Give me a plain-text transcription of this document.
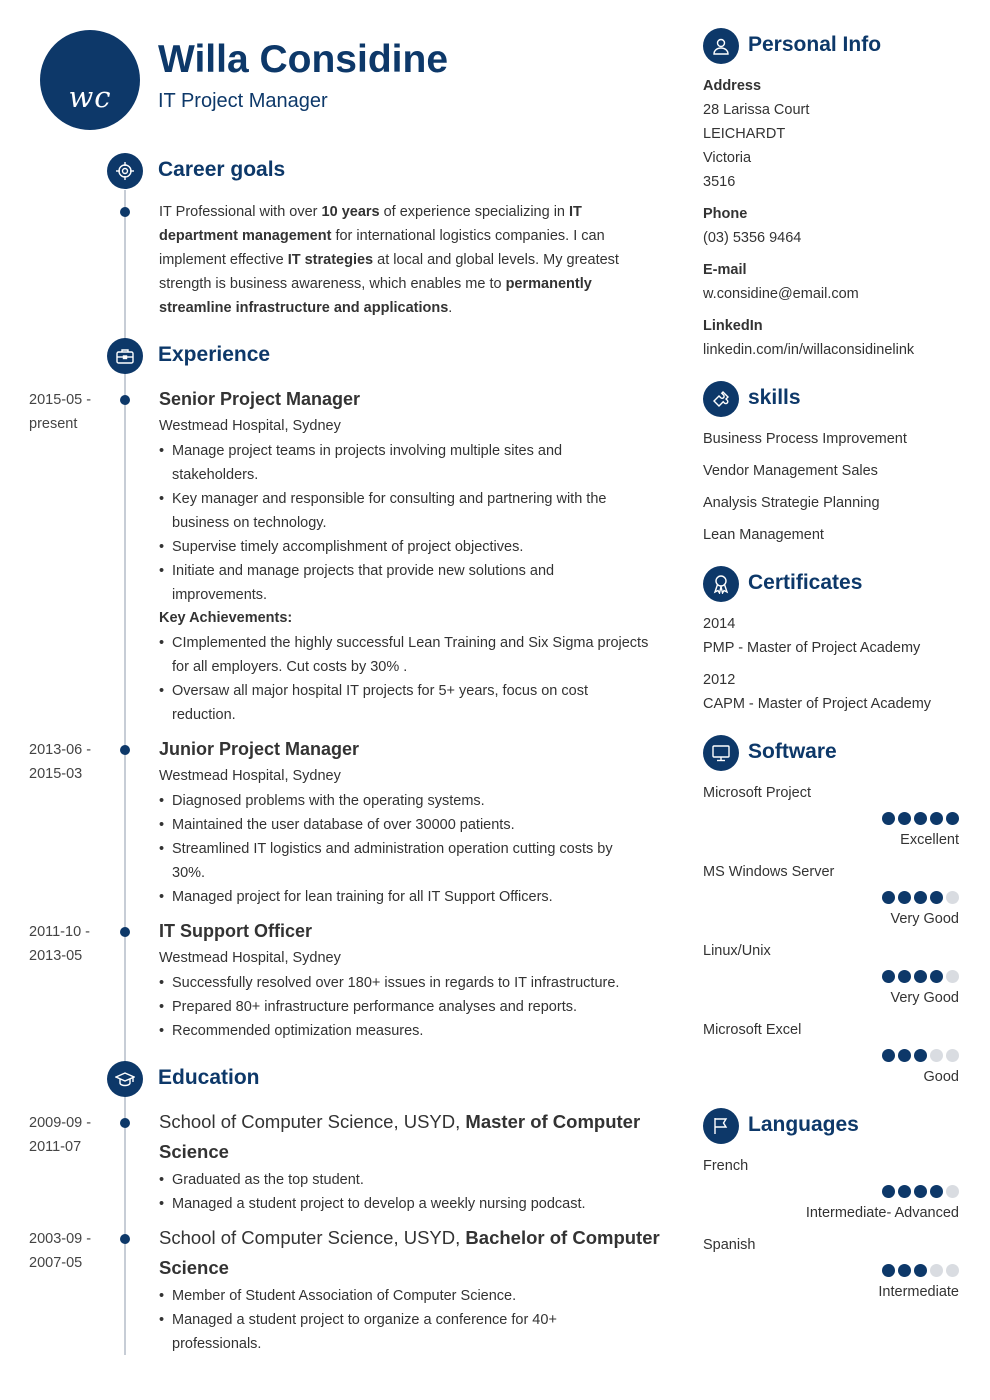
wc
Willa Considine
IT Project Manager
Career goals
IT Professional with over 10 years of experience specializing in IT department management for international logistics companies. I can implement effective IT strategies at local and global levels. My greatest strength is business awareness, which enables me to permanently streamline infrastructure and applications.
Experience
2015-05 -
present
Senior Project Manager
Westmead Hospital, Sydney
• Manage project teams in projects involving multiple sites and stakeholders.
• Key manager and responsible for consulting and partnering with the business on technology.
• Supervise timely accomplishment of project objectives.
• Initiate and manage projects that provide new solutions and improvements.
Key Achievements:
• CImplemented the highly successful Lean Training and Six Sigma projects for all employers. Cut costs by 30% .
• Oversaw all major hospital IT projects for 5+ years, focus on cost reduction.
2013-06 -
2015-03
Junior Project Manager
Westmead Hospital, Sydney
• Diagnosed problems with the operating systems.
• Maintained the user database of over 30000 patients.
• Streamlined IT logistics and administration operation cutting costs by 30%.
• Managed project for lean training for all IT Support Officers.
2011-10 -
2013-05
IT Support Officer
Westmead Hospital, Sydney
• Successfully resolved over 180+ issues in regards to IT infrastructure.
• Prepared 80+ infrastructure performance analyses and reports.
• Recommended optimization measures.
Education
2009-09 -
2011-07
School of Computer Science, USYD, Master of Computer Science
• Graduated as the top student.
• Managed a student project to develop a weekly nursing podcast.
2003-09 -
2007-05
School of Computer Science, USYD, Bachelor of Computer Science
• Member of Student Association of Computer Science.
• Managed a student project to organize a conference for 40+ professionals.
Personal Info
Address
28 Larissa Court
LEICHARDT
Victoria
3516
Phone
(03) 5356 9464
E-mail
w.considine@email.com
LinkedIn
linkedin.com/in/willaconsidinelink
skills
Business Process Improvement
Vendor Management Sales
Analysis Strategie Planning
Lean Management
Certificates
2014
PMP - Master of Project Academy
2012
CAPM - Master of Project Academy
Software
Microsoft Project
Excellent
MS Windows Server
Very Good
Linux/Unix
Very Good
Microsoft Excel
Good
Languages
French
Intermediate- Advanced
Spanish
Intermediate
